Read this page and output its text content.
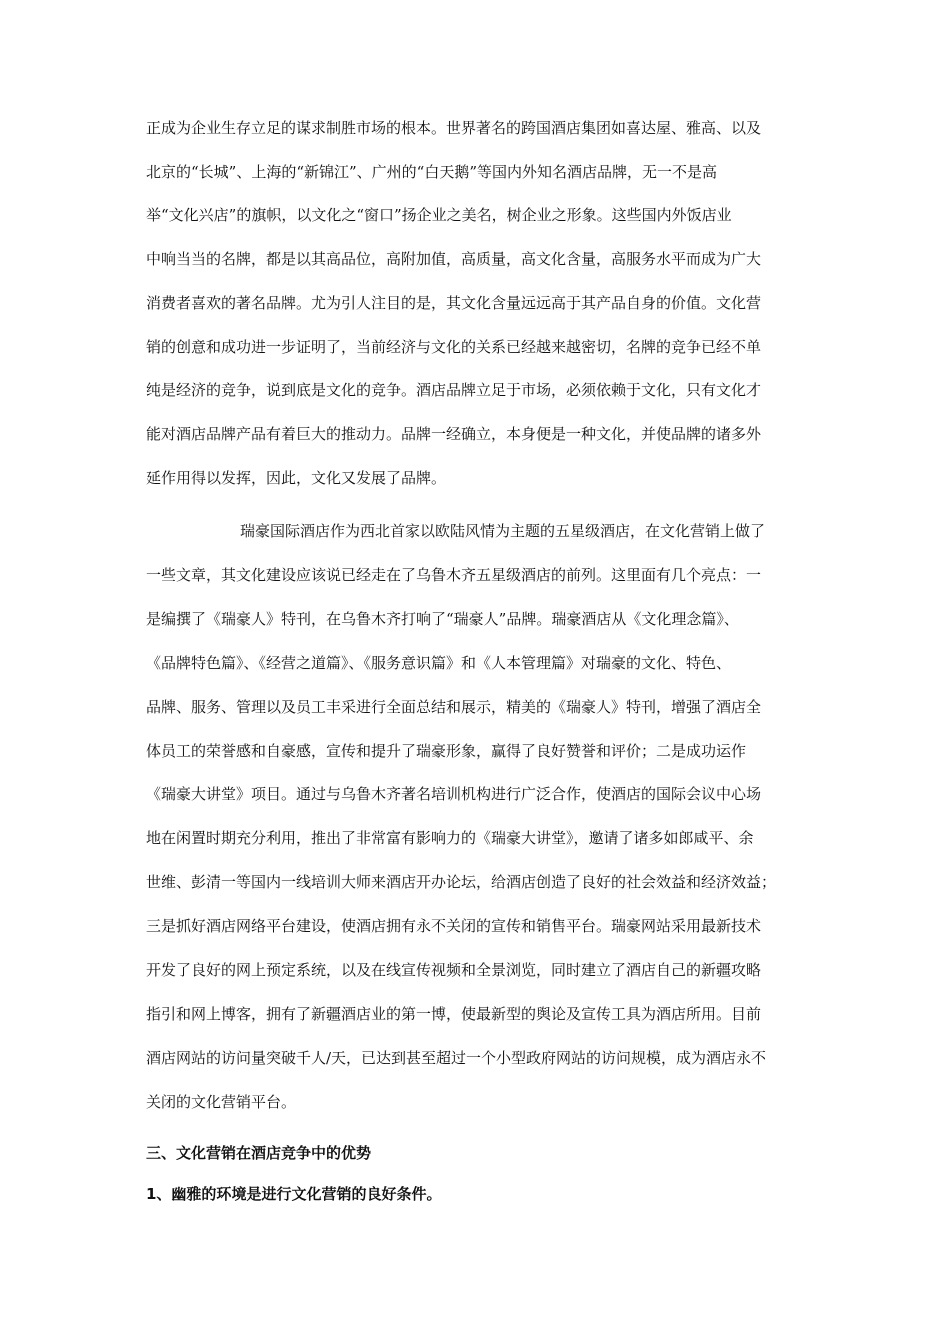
正成为企业生存立足的谋求制胜市场的根本。世界著名的跨国酒店集团如喜达屋、雅高、以及
北京的“长城”、上海的“新锦江”、广州的“白天鹅”等国内外知名酒店品牌，无一不是高
举“文化兴店”的旗帜，以文化之“窗口”扬企业之美名，树企业之形象。这些国内外饭店业
中响当当的名牌，都是以其高品位，高附加值，高质量，高文化含量，高服务水平而成为广大
消费者喜欢的著名品牌。尤为引人注目的是，其文化含量远远高于其产品自身的价值。文化营
销的创意和成功进一步证明了，当前经济与文化的关系已经越来越密切，名牌的竞争已经不单
纯是经济的竞争，说到底是文化的竞争。酒店品牌立足于市场，必须依赖于文化，只有文化才
能对酒店品牌产品有着巨大的推动力。品牌一经确立，本身便是一种文化，并使品牌的诸多外
延作用得以发挥，因此，文化又发展了品牌。
瑞豪国际酒店作为西北首家以欧陆风情为主题的五星级酒店，在文化营销上做了
一些文章，其文化建设应该说已经走在了乌鲁木齐五星级酒店的前列。这里面有几个亮点：一
是编撰了《瑞豪人》特刊，在乌鲁木齐打响了“瑞豪人”品牌。瑞豪酒店从《文化理念篇》、
《品牌特色篇》、《经营之道篇》、《服务意识篇》和《人本管理篇》对瑞豪的文化、特色、
品牌、服务、管理以及员工丰采进行全面总结和展示，精美的《瑞豪人》特刊，增强了酒店全
体员工的荣誉感和自豪感，宣传和提升了瑞豪形象，赢得了良好赞誉和评价；二是成功运作
《瑞豪大讲堂》项目。通过与乌鲁木齐著名培训机构进行广泛合作，使酒店的国际会议中心场
地在闲置时期充分利用，推出了非常富有影响力的《瑞豪大讲堂》，邀请了诸多如郎咸平、余
世维、彭清一等国内一线培训大师来酒店开办论坛，给酒店创造了良好的社会效益和经济效益；
三是抓好酒店网络平台建设，使酒店拥有永不关闭的宣传和销售平台。瑞豪网站采用最新技术
开发了良好的网上预定系统，以及在线宣传视频和全景浏览，同时建立了酒店自己的新疆攻略
指引和网上博客，拥有了新疆酒店业的第一博，使最新型的舆论及宣传工具为酒店所用。目前
酒店网站的访问量突破千人/天，已达到甚至超过一个小型政府网站的访问规模，成为酒店永不
关闭的文化营销平台。
三、文化营销在酒店竞争中的优势
1、幽雅的环境是进行文化营销的良好条件。
